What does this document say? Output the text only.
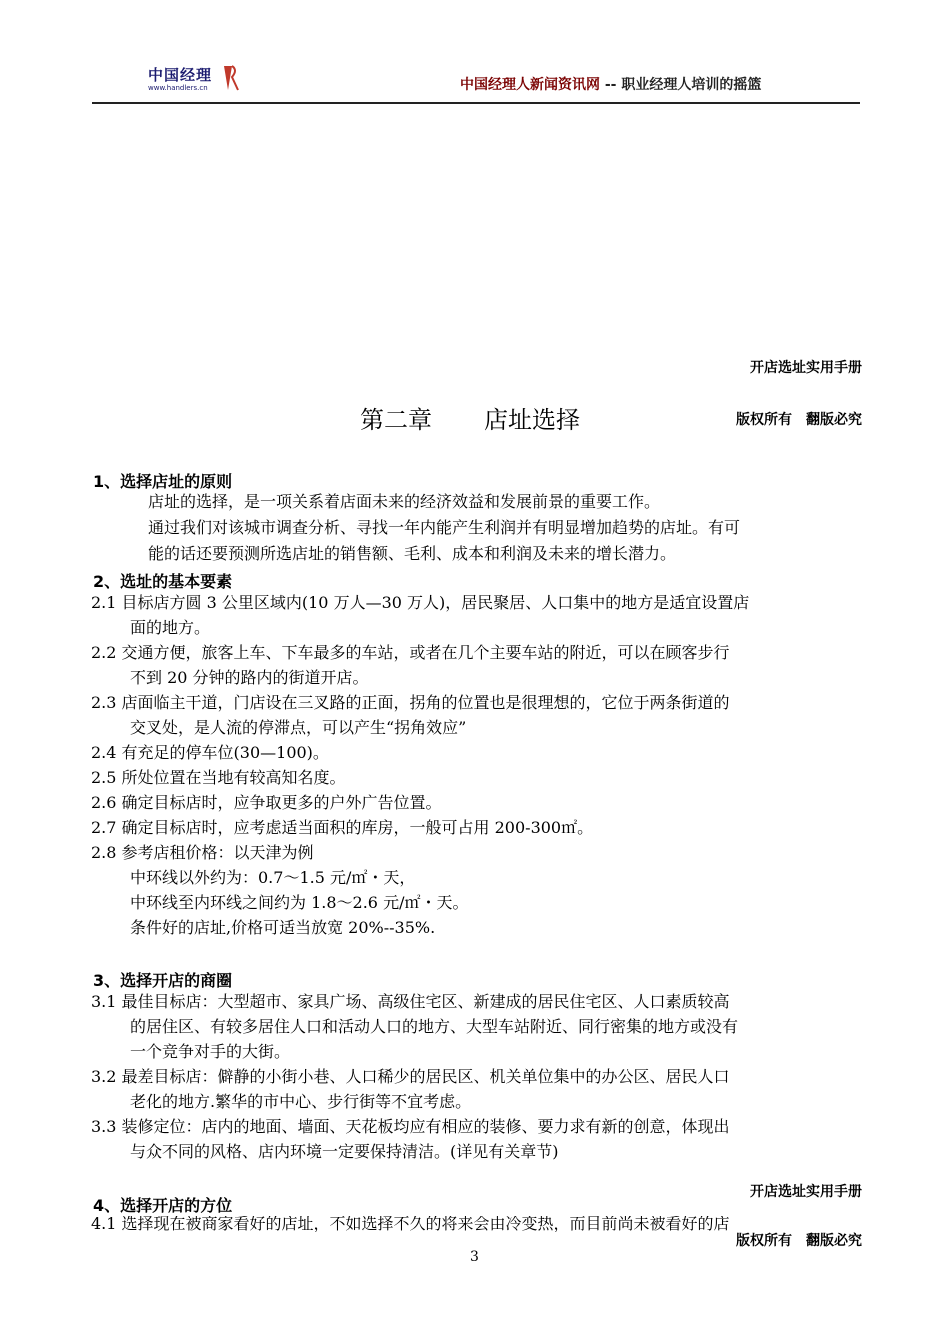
中国经理
www.handlers.cn	中国经理人新闻资讯网 -- 职业经理人培训的摇篮
开店选址实用手册
版权所有　翻版必究
第二章 店址选择
1、选择店址的原则
店址的选择，是一项关系着店面未来的经济效益和发展前景的重要工作。
通过我们对该城市调查分析、寻找一年内能产生利润并有明显增加趋势的店址。有可
能的话还要预测所选店址的销售额、毛利、成本和利润及未来的增长潜力。
2、选址的基本要素
2.1 目标店方圆 3 公里区域内(10 万人—30 万人)，居民聚居、人口集中的地方是适宜设置店
面的地方。
2.2 交通方便，旅客上车、下车最多的车站，或者在几个主要车站的附近，可以在顾客步行
不到 20 分钟的路内的街道开店。
2.3 店面临主干道，门店设在三叉路的正面，拐角的位置也是很理想的，它位于两条街道的
交叉处，是人流的停滞点，可以产生“拐角效应”
2.4 有充足的停车位(30—100)。
2.5 所处位置在当地有较高知名度。
2.6 确定目标店时，应争取更多的户外广告位置。
2.7 确定目标店时，应考虑适当面积的库房，一般可占用 200-300㎡。
2.8 参考店租价格：以天津为例
中环线以外约为：0.7～1.5 元/㎡・天，
中环线至内环线之间约为 1.8～2.6 元/㎡・天。
条件好的店址,价格可适当放宽 20%--35%.
3、选择开店的商圈
3.1 最佳目标店：大型超市、家具广场、高级住宅区、新建成的居民住宅区、人口素质较高
的居住区、有较多居住人口和活动人口的地方、大型车站附近、同行密集的地方或没有
一个竞争对手的大街。
3.2 最差目标店：僻静的小街小巷、人口稀少的居民区、机关单位集中的办公区、居民人口
老化的地方.繁华的市中心、步行街等不宜考虑。
3.3 装修定位：店内的地面、墙面、天花板均应有相应的装修、要力求有新的创意，体现出
与众不同的风格、店内环境一定要保持清洁。(详见有关章节)
开店选址实用手册
4、选择开店的方位
4.1 选择现在被商家看好的店址，不如选择不久的将来会由冷变热，而目前尚未被看好的店
版权所有　翻版必究
3
